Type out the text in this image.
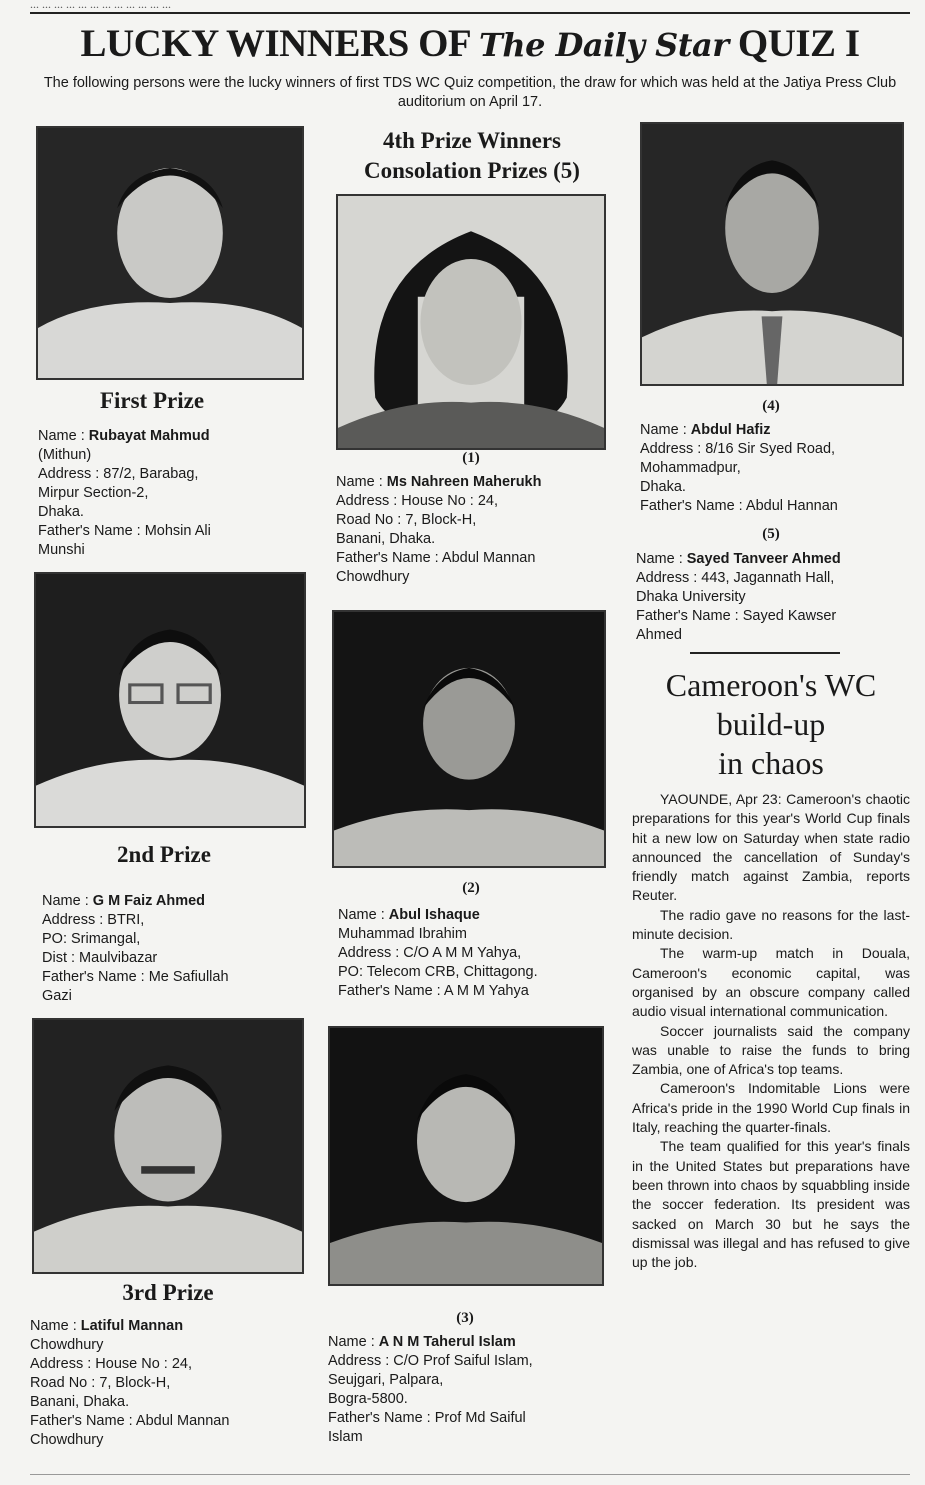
... ... ... ... ... ... ... ... ... ... ... ...
LUCKY WINNERS OF The Daily Star QUIZ I
The following persons were the lucky winners of first TDS WC Quiz competition, the draw for which was held at the Jatiya Press Club auditorium on April 17.
First Prize
Name : Rubayat Mahmud
(Mithun)
Address : 87/2, Barabag,
Mirpur Section-2,
Dhaka.
Father's Name : Mohsin Ali
Munshi
2nd Prize
Name : G M Faiz Ahmed
Address : BTRI,
PO: Srimangal,
Dist : Maulvibazar
Father's Name : Me Safiullah
Gazi
3rd Prize
Name : Latiful Mannan
Chowdhury
Address : House No : 24,
Road No : 7, Block-H,
Banani, Dhaka.
Father's Name : Abdul Mannan
Chowdhury
4th Prize Winners
Consolation Prizes (5)
(1)
Name : Ms Nahreen Maherukh
Address : House No : 24,
Road No : 7, Block-H,
Banani, Dhaka.
Father's Name : Abdul Mannan
Chowdhury
(2)
Name : Abul Ishaque
Muhammad Ibrahim
Address : C/O A M M Yahya,
PO: Telecom CRB, Chittagong.
Father's Name : A M M Yahya
(3)
Name : A N M Taherul Islam
Address : C/O Prof Saiful Islam,
Seujgari, Palpara,
Bogra-5800.
Father's Name : Prof Md Saiful
Islam
(4)
Name : Abdul Hafiz
Address : 8/16 Sir Syed Road,
Mohammadpur,
Dhaka.
Father's Name : Abdul Hannan
(5)
Name : Sayed Tanveer Ahmed
Address : 443, Jagannath Hall,
Dhaka University
Father's Name : Sayed Kawser
Ahmed
Cameroon's WC
build-up
in chaos

YAOUNDE, Apr 23: Cameroon's chaotic preparations for this year's World Cup finals hit a new low on Saturday when state radio announced the cancellation of Sunday's friendly match against Zambia, reports Reuter.

The radio gave no reasons for the last-minute decision.

The warm-up match in Douala, Cameroon's economic capital, was organised by an obscure company called audio visual international communication.

Soccer journalists said the company was unable to raise the funds to bring Zambia, one of Africa's top teams.

Cameroon's Indomitable Lions were Africa's pride in the 1990 World Cup finals in Italy, reaching the quarter-finals.

The team qualified for this year's finals in the United States but preparations have been thrown into chaos by squabbling inside the soccer federation. Its president was sacked on March 30 but he says the dismissal was illegal and has refused to give up the job.
